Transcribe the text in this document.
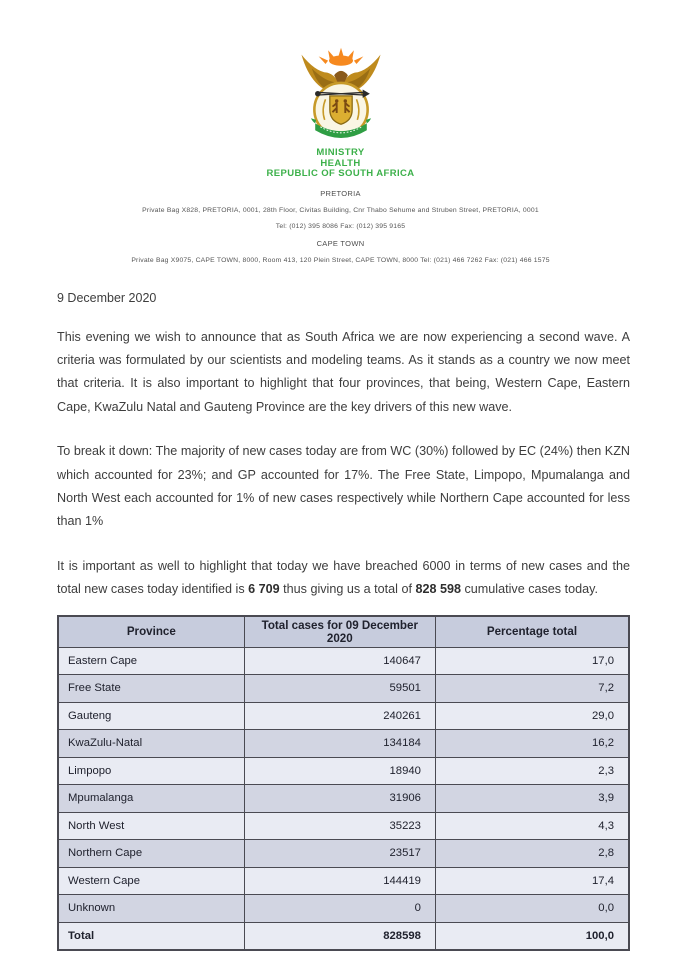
MINISTRY
HEALTH
REPUBLIC OF SOUTH AFRICA
PRETORIA
Private Bag X828, PRETORIA, 0001, 28th Floor, Civitas Building, Cnr Thabo Sehume and Struben Street, PRETORIA, 0001
Tel: (012) 395 8086 Fax: (012) 395 9165
CAPE TOWN
Private Bag X9075, CAPE TOWN, 8000, Room 413, 120 Plein Street, CAPE TOWN, 8000 Tel: (021) 466 7262 Fax: (021) 466 1575
9 December 2020

This evening we wish to announce that as South Africa we are now experiencing a second wave. A criteria was formulated by our scientists and modeling teams. As it stands as a country we now meet that criteria. It is also important to highlight that four provinces, that being, Western Cape, Eastern Cape, KwaZulu Natal and Gauteng Province are the key drivers of this new wave.

To break it down: The majority of new cases today are from WC (30%) followed by EC (24%) then KZN which accounted for 23%; and GP accounted for 17%. The Free State, Limpopo, Mpumalanga and North West each accounted for 1% of new cases respectively while Northern Cape accounted for less than 1%

It is important as well to highlight that today we have breached 6000 in terms of new cases and the total new cases today identified is 6 709 thus giving us a total of 828 598 cumulative cases today.

Province	Total cases for 09 December 2020	Percentage total
Eastern Cape	140647	17,0
Free State	59501	7,2
Gauteng	240261	29,0
KwaZulu-Natal	134184	16,2
Limpopo	18940	2,3
Mpumalanga	31906	3,9
North West	35223	4,3
Northern Cape	23517	2,8
Western Cape	144419	17,4
Unknown	0	0,0
Total	828598	100,0
